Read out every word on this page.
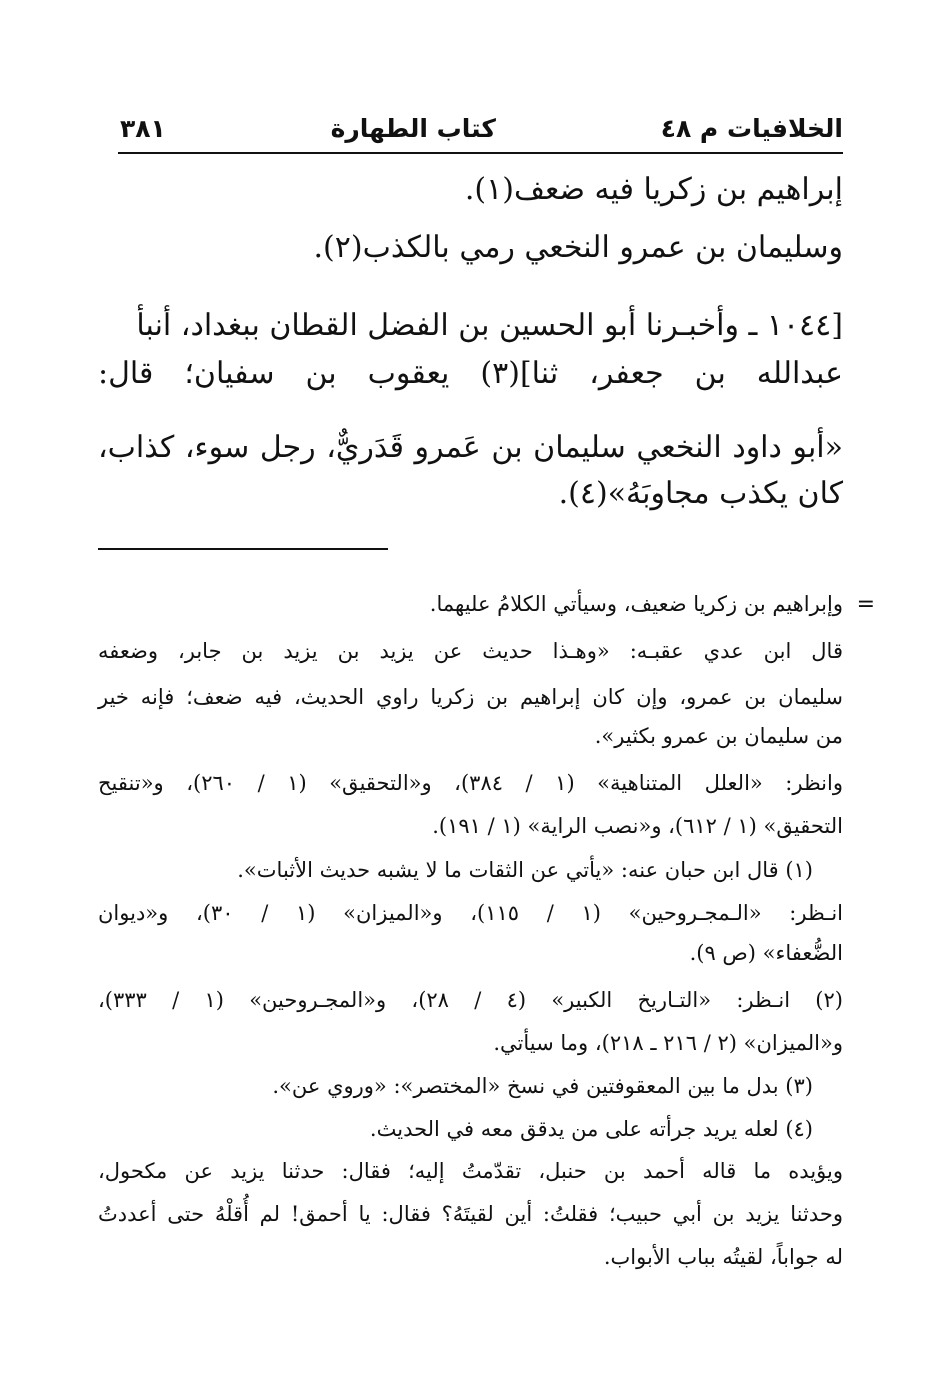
الخلافيات م ٤٨
كتاب الطهارة
٣٨١
إبراهيم بن زكريا فيه ضعف(١).
وسليمان بن عمرو النخعي رمي بالكذب(٢).
[١٠٤٤ ـ وأخبـرنا أبو الحسين بن الفضل القطان ببغداد، أنبأ
عبدالله بن جعفر، ثنا](٣) يعقوب بن سفيان؛ قال:
«أبو داود النخعي سليمان بن عَمرو قَدَريٌّ، رجل سوء، كذاب،
كان يكذب مجاوبَهُ»(٤).
=
وإبراهيم بن زكريا ضعيف، وسيأتي الكلامُ عليهما.
قال ابن عدي عقبـه: «وهـذا حديث عن يزيد بن يزيد بن جابر، وضعفه
سليمان بن عمرو، وإن كان إبراهيم بن زكريا راوي الحديث، فيه ضعف؛ فإنه خير
من سليمان بن عمرو بكثير».
وانظر: «العلل المتناهية» (١ / ٣٨٤)، و«التحقيق» (١ / ٢٦٠)، و«تنقيح
التحقيق» (١ / ٦١٢)، و«نصب الراية» (١ / ١٩١).
(١) قال ابن حبان عنه: «يأتي عن الثقات ما لا يشبه حديث الأثبات».
انـظر: «الـمجـروحين» (١ / ١١٥)، و«الميزان» (١ / ٣٠)، و«ديوان
الضُّعفاء» (ص ٩).
(٢) انـظر: «التـاريخ الكبير» (٤ / ٢٨)، و«المجـروحين» (١ / ٣٣٣)،
و«الميزان» (٢ / ٢١٦ ـ ٢١٨)، وما سيأتي.
(٣) بدل ما بين المعقوفتين في نسخ «المختصر»: «وروي عن».
(٤) لعله يريد جرأته على من يدقق معه في الحديث.
ويؤيده ما قاله أحمد بن حنبل، تقدّمتُ إليه؛ فقال: حدثنا يزيد عن مكحول،
وحدثنا يزيد بن أبي حبيب؛ فقلتُ: أين لقيتَهُ؟ فقال: يا أحمق! لم أُقلْهُ حتى أعددتُ
له جواباً، لقيتُه بباب الأبواب.
